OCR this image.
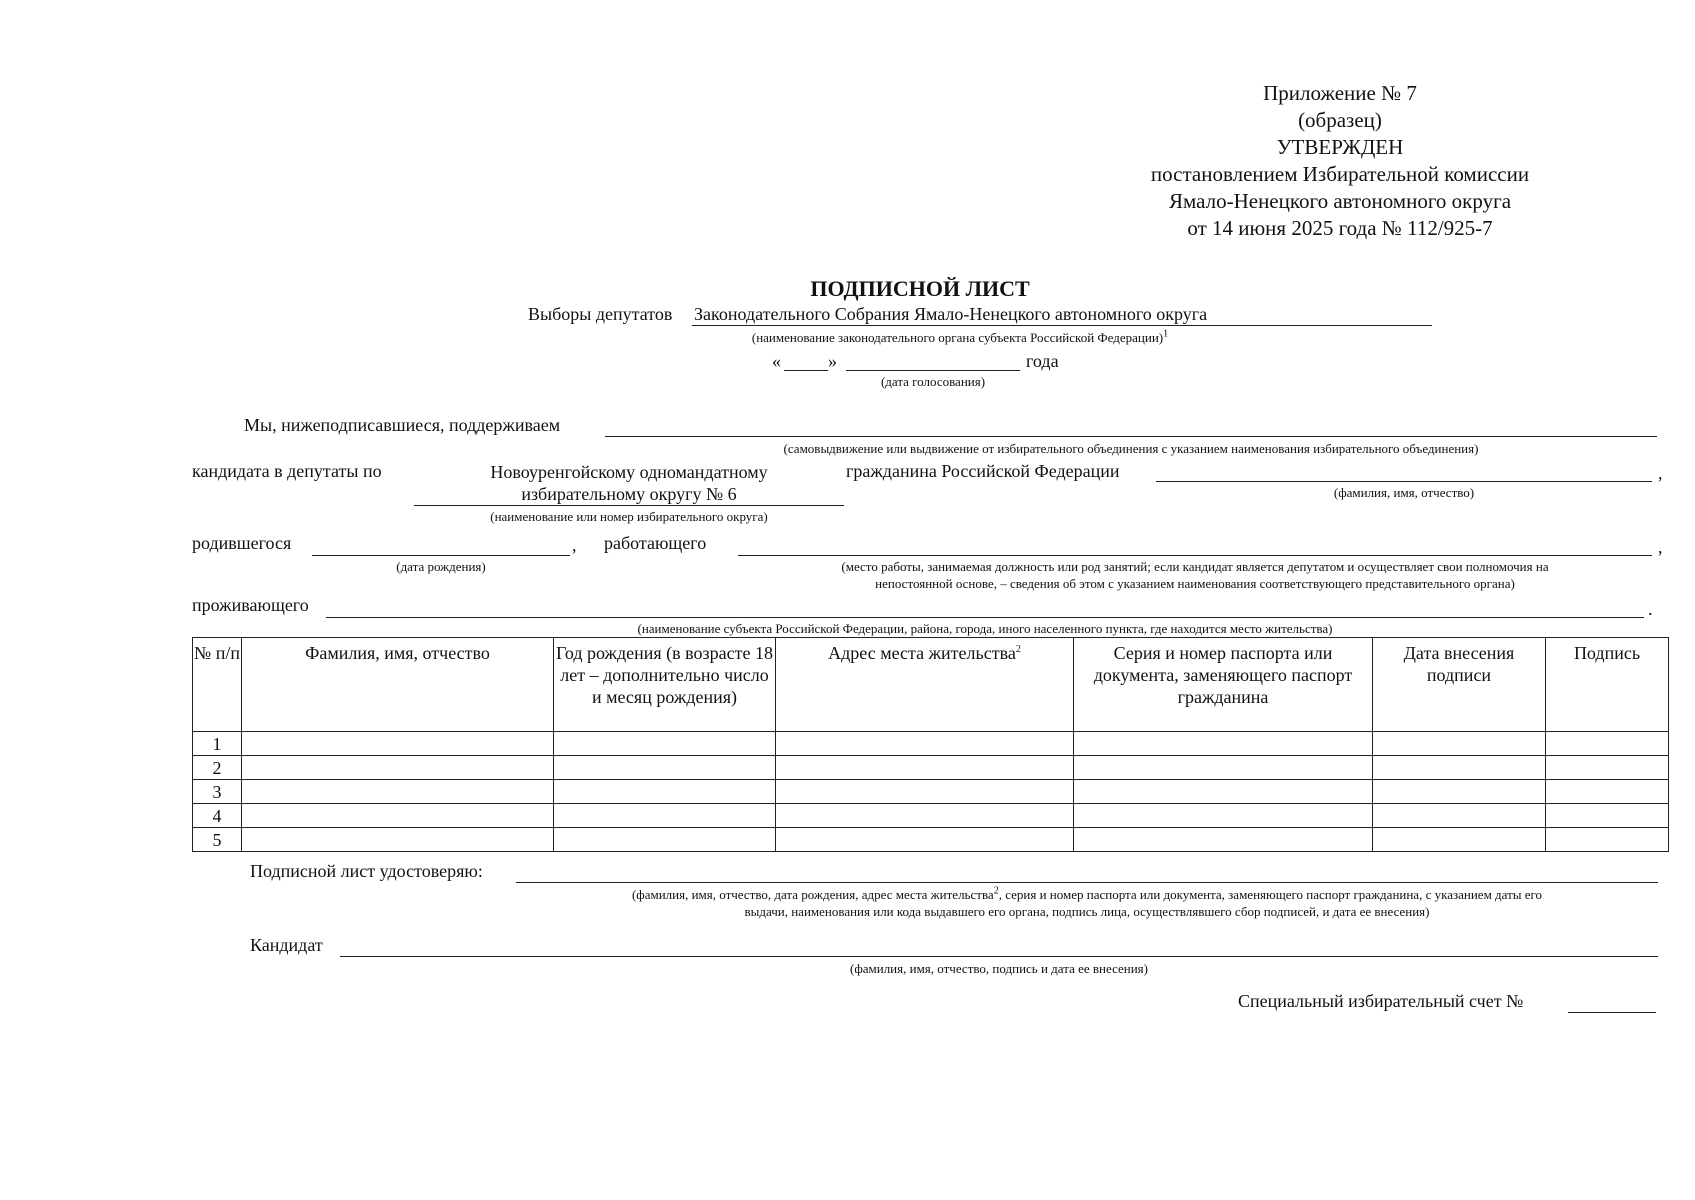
Приложение № 7
(образец)
УТВЕРЖДЕН
постановлением Избирательной комиссии
Ямало-Ненецкого автономного округа
от 14 июня 2025 года № 112/925-7
ПОДПИСНОЙ ЛИСТ
Выборы депутатов Законодательного Собрания Ямало-Ненецкого автономного округа
(наименование законодательного органа субъекта Российской Федерации)$^1$
«	»	года
(дата голосования)
Мы, нижеподписавшиеся, поддерживаем
(самовыдвижение или выдвижение от избирательного объединения с указанием наименования избирательного объединения)
кандидата в депутаты по	Новоуренгойскому одномандатному
избирательному округу № 6
(наименование или номер избирательного округа)
гражданина Российской Федерации	,
(фамилия, имя, отчество)
родившегося	,
(дата рождения)
работающего	,
(место работы, занимаемая должность или род занятий; если кандидат является депутатом и осуществляет свои полномочия на
непостоянной основе, – сведения об этом с указанием наименования соответствующего представительного органа)
проживающего	.
(наименование субъекта Российской Федерации, района, города, иного населенного пункта, где находится место жительства)
№ п/п	Фамилия, имя, отчество	Год рождения (в возрасте 18 лет – дополнительно число и месяц рождения)	Адрес места жительства$^2$	Серия и номер паспорта или документа, заменяющего паспорт гражданина	Дата внесения подписи	Подпись
1						
2						
3						
4						
5						
Подписной лист удостоверяю:
(фамилия, имя, отчество, дата рождения, адрес места жительства$^2$, серия и номер паспорта или документа, заменяющего паспорт гражданина, с указанием даты его
выдачи, наименования или кода выдавшего его органа, подпись лица, осуществлявшего сбор подписей, и дата ее внесения)
Кандидат
(фамилия, имя, отчество, подпись и дата ее внесения)
Специальный избирательный счет №
